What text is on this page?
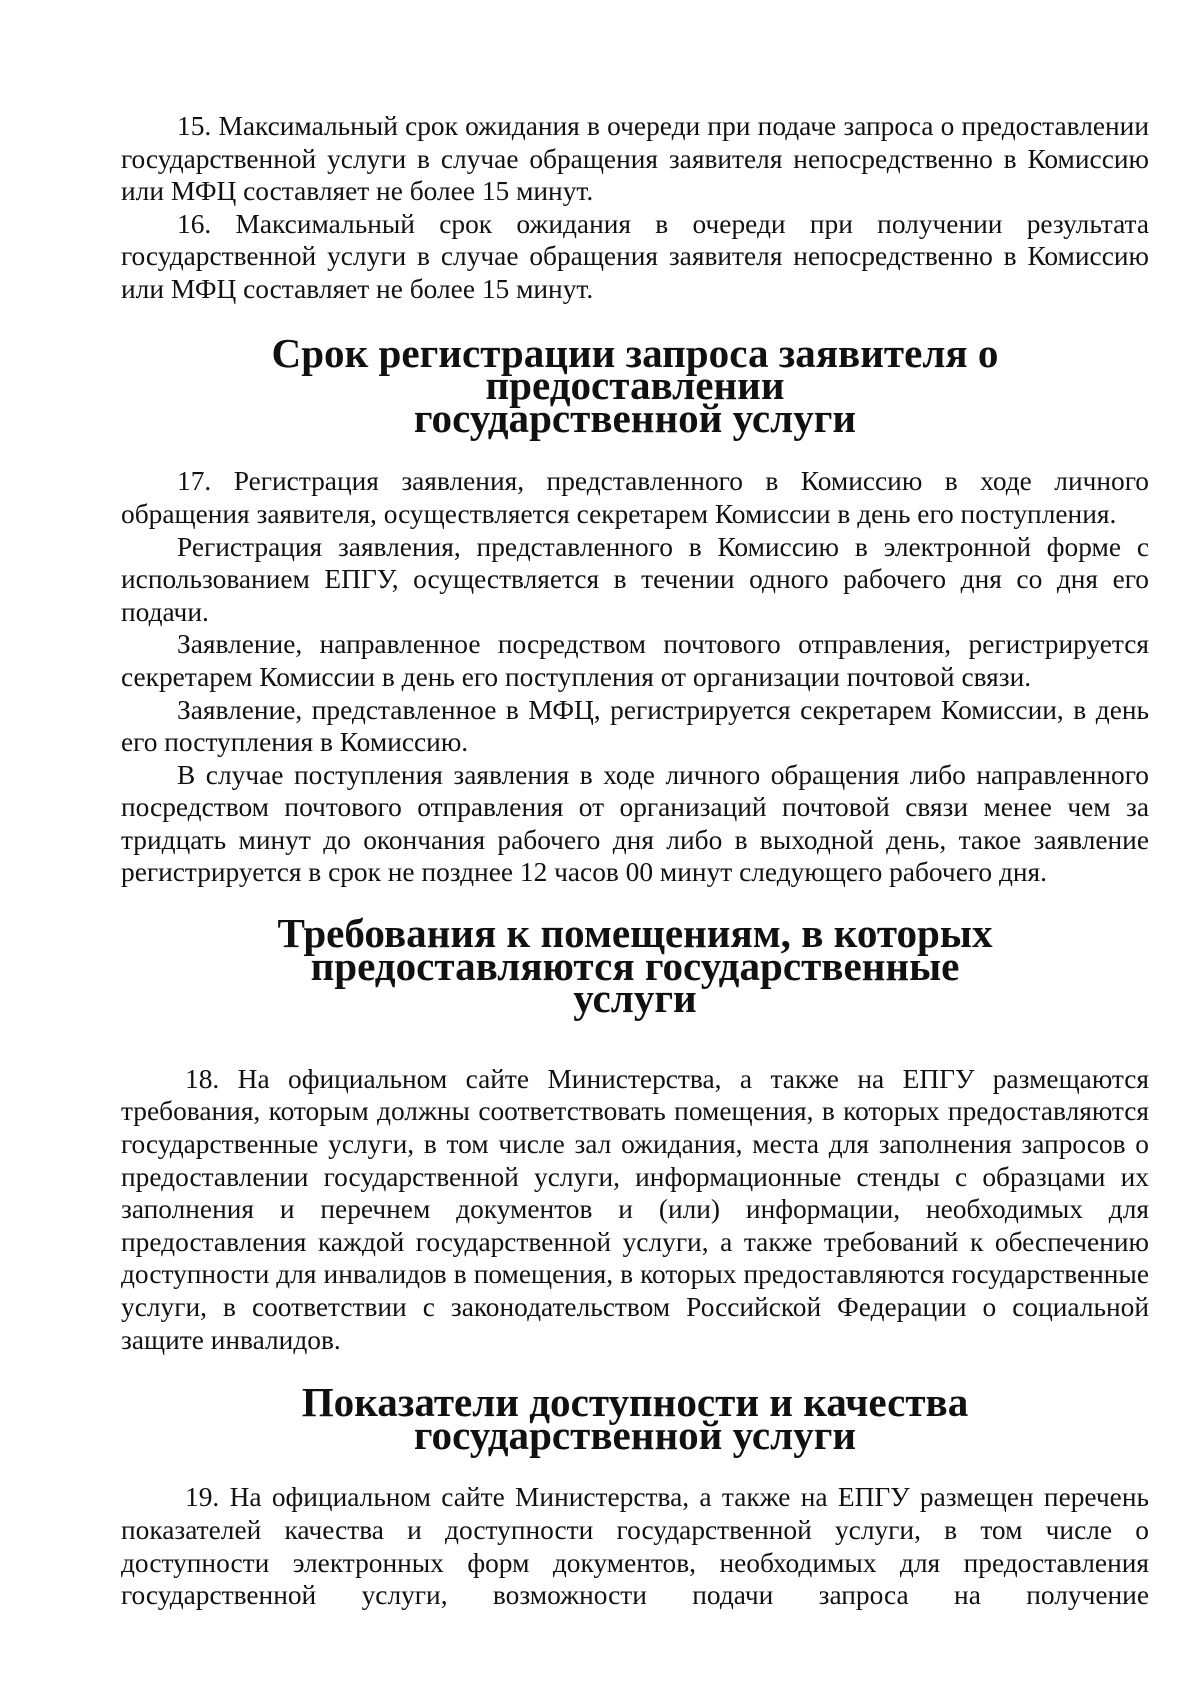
15. Максимальный срок ожидания в очереди при подаче запроса о предоставлении государственной услуги в случае обращения заявителя непосредственно в Комиссию или МФЦ составляет не более 15 минут.

16. Максимальный срок ожидания в очереди при получении результата государственной услуги в случае обращения заявителя непосредственно в Комиссию или МФЦ составляет не более 15 минут.

Срок регистрации запроса заявителя о предоставлении
государственной услуги

17. Регистрация заявления, представленного в Комиссию в ходе личного обращения заявителя, осуществляется секретарем Комиссии в день его поступления.

Регистрация заявления, представленного в Комиссию в электронной форме с использованием ЕПГУ, осуществляется в течении одного рабочего дня со дня его подачи.

Заявление, направленное посредством почтового отправления, регистрируется секретарем Комиссии в день его поступления от организации почтовой связи.

Заявление, представленное в МФЦ, регистрируется секретарем Комиссии, в день его поступления в Комиссию.

В случае поступления заявления в ходе личного обращения либо направленного посредством почтового отправления от организаций почтовой связи менее чем за тридцать минут до окончания рабочего дня либо в выходной день, такое заявление регистрируется в срок не позднее 12 часов 00 минут следующего рабочего дня.

Требования к помещениям, в которых предоставляются государственные
услуги

18. На официальном сайте Министерства, а также на ЕПГУ размещаются требования, которым должны соответствовать помещения, в которых предоставляются государственные услуги, в том числе зал ожидания, места для заполнения запросов о предоставлении государственной услуги, информационные стенды с образцами их заполнения и перечнем документов и (или) информации, необходимых для предоставления каждой государственной услуги, а также требований к обеспечению доступности для инвалидов в помещения, в которых предоставляются государственные услуги, в соответствии с законодательством Российской Федерации о социальной защите инвалидов.

Показатели доступности и качества
государственной услуги

19. На официальном сайте Министерства, а также на ЕПГУ размещен перечень показателей качества и доступности государственной услуги, в том числе о доступности электронных форм документов, необходимых для предоставления государственной услуги, возможности подачи запроса на получение
